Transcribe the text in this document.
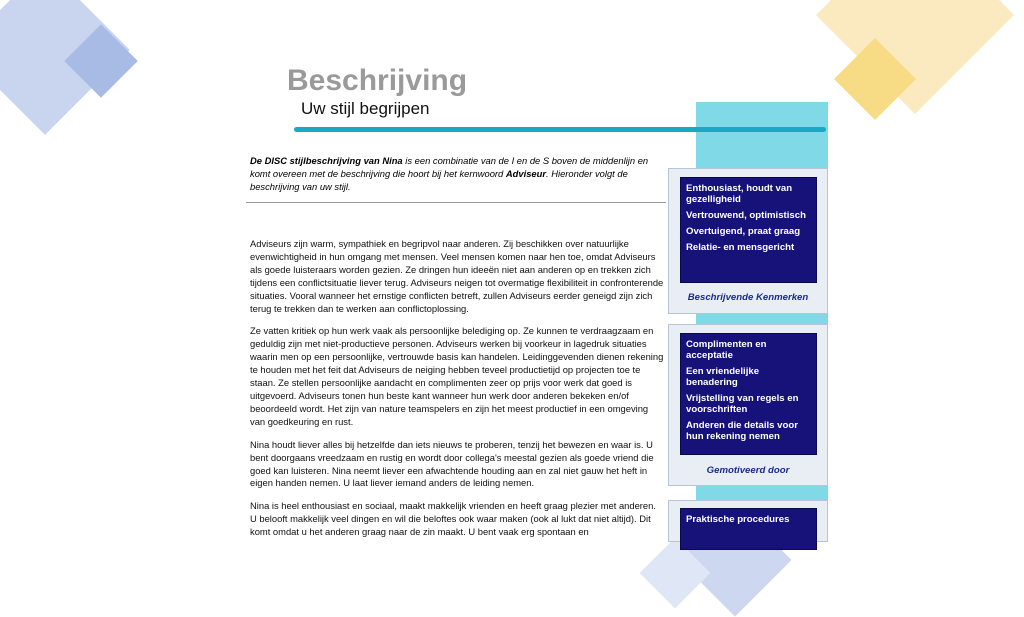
Beschrijving
Uw stijl begrijpen
De DISC stijlbeschrijving van Nina is een combinatie van de I en de S boven de middenlijn en komt overeen met de beschrijving die hoort bij het kernwoord Adviseur. Hieronder volgt de beschrijving van uw stijl.

Adviseurs zijn warm, sympathiek en begripvol naar anderen. Zij beschikken over natuurlijke evenwichtigheid in hun omgang met mensen. Veel mensen komen naar hen toe, omdat Adviseurs als goede luisteraars worden gezien. Ze dringen hun ideeën niet aan anderen op en trekken zich tijdens een conflictsituatie liever terug. Adviseurs neigen tot overmatige flexibiliteit in confronterende situaties. Vooral wanneer het ernstige conflicten betreft, zullen Adviseurs eerder geneigd zijn zich terug te trekken dan te werken aan conflictoplossing.

Ze vatten kritiek op hun werk vaak als persoonlijke belediging op. Ze kunnen te verdraagzaam en geduldig zijn met niet-productieve personen. Adviseurs werken bij voorkeur in lagedruk situaties waarin men op een persoonlijke, vertrouwde basis kan handelen. Leidinggevenden dienen rekening te houden met het feit dat Adviseurs de neiging hebben teveel productietijd op projecten toe te staan. Ze stellen persoonlijke aandacht en complimenten zeer op prijs voor werk dat goed is uitgevoerd. Adviseurs tonen hun beste kant wanneer hun werk door anderen bekeken en/of beoordeeld wordt. Het zijn van nature teamspelers en zijn het meest productief in een omgeving van goedkeuring en rust.

Nina houdt liever alles bij hetzelfde dan iets nieuws te proberen, tenzij het bewezen en waar is. U bent doorgaans vreedzaam en rustig en wordt door collega's meestal gezien als goede vriend die goed kan luisteren. Nina neemt liever een afwachtende houding aan en zal niet gauw het heft in eigen handen nemen. U laat liever iemand anders de leiding nemen.

Nina is heel enthousiast en sociaal, maakt makkelijk vrienden en heeft graag plezier met anderen. U belooft makkelijk veel dingen en wil die beloftes ook waar maken (ook al lukt dat niet altijd). Dit komt omdat u het anderen graag naar de zin maakt. U bent vaak erg spontaan en

Enthousiast, houdt van gezelligheid
Vertrouwend, optimistisch
Overtuigend, praat graag
Relatie- en mensgericht
Beschrijvende Kenmerken
Complimenten en acceptatie
Een vriendelijke benadering
Vrijstelling van regels en voorschriften
Anderen die details voor hun rekening nemen
Gemotiveerd door
Praktische procedures
